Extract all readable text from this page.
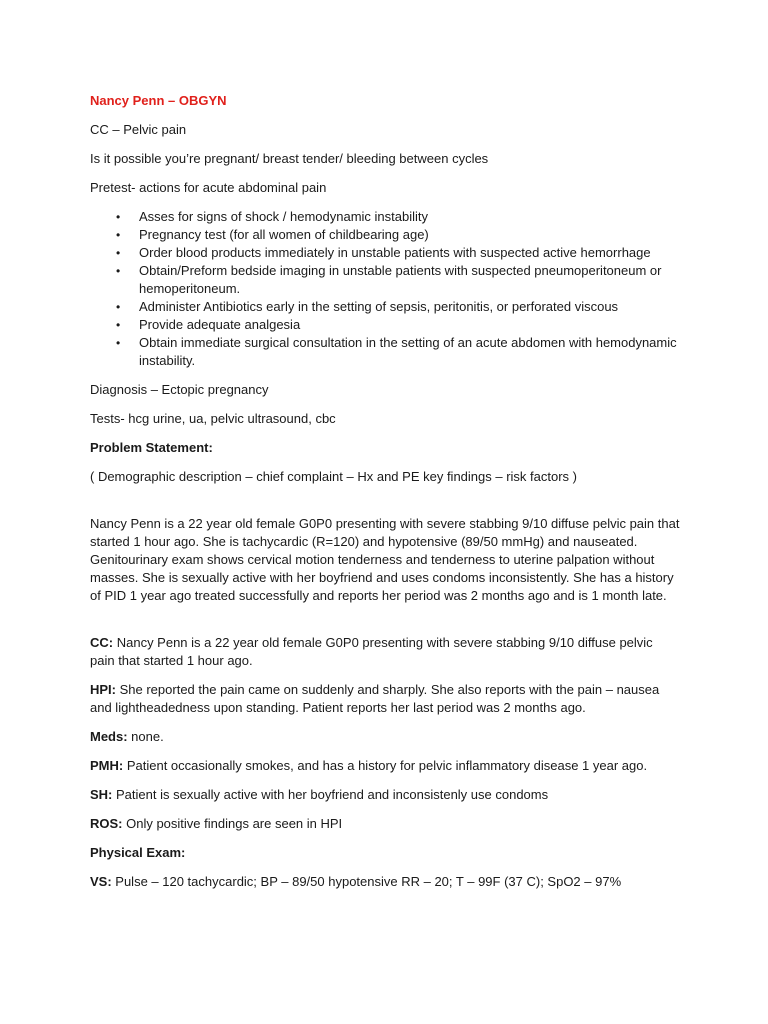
Nancy Penn – OBGYN

CC – Pelvic pain

Is it possible you’re pregnant/ breast tender/ bleeding between cycles

Pretest- actions for acute abdominal pain

• Asses for signs of shock / hemodynamic instability
• Pregnancy test (for all women of childbearing age)
• Order blood products immediately in unstable patients with suspected active hemorrhage
• Obtain/Preform bedside imaging in unstable patients with suspected pneumoperitoneum or hemoperitoneum.
• Administer Antibiotics early in the setting of sepsis, peritonitis, or perforated viscous
• Provide adequate analgesia
• Obtain immediate surgical consultation in the setting of an acute abdomen with hemodynamic instability.

Diagnosis – Ectopic pregnancy

Tests- hcg urine, ua, pelvic ultrasound, cbc

Problem Statement:

( Demographic description – chief complaint – Hx and PE key findings – risk factors )

Nancy Penn is a 22 year old female G0P0 presenting with severe stabbing 9/10 diffuse pelvic pain that started 1 hour ago. She is tachycardic (R=120) and hypotensive (89/50 mmHg) and nauseated. Genitourinary exam shows cervical motion tenderness and tenderness to uterine palpation without masses. She is sexually active with her boyfriend and uses condoms inconsistently. She has a history of PID 1 year ago treated successfully and reports her period was 2 months ago and is 1 month late.

CC: Nancy Penn is a 22 year old female G0P0 presenting with severe stabbing 9/10 diffuse pelvic pain that started 1 hour ago.

HPI: She reported the pain came on suddenly and sharply. She also reports with the pain – nausea and lightheadedness upon standing. Patient reports her last period was 2 months ago.

Meds: none.

PMH: Patient occasionally smokes, and has a history for pelvic inflammatory disease 1 year ago.

SH: Patient is sexually active with her boyfriend and inconsistenly use condoms

ROS: Only positive findings are seen in HPI

Physical Exam:

VS: Pulse – 120 tachycardic; BP – 89/50 hypotensive RR – 20; T – 99F (37 C); SpO2 – 97%
